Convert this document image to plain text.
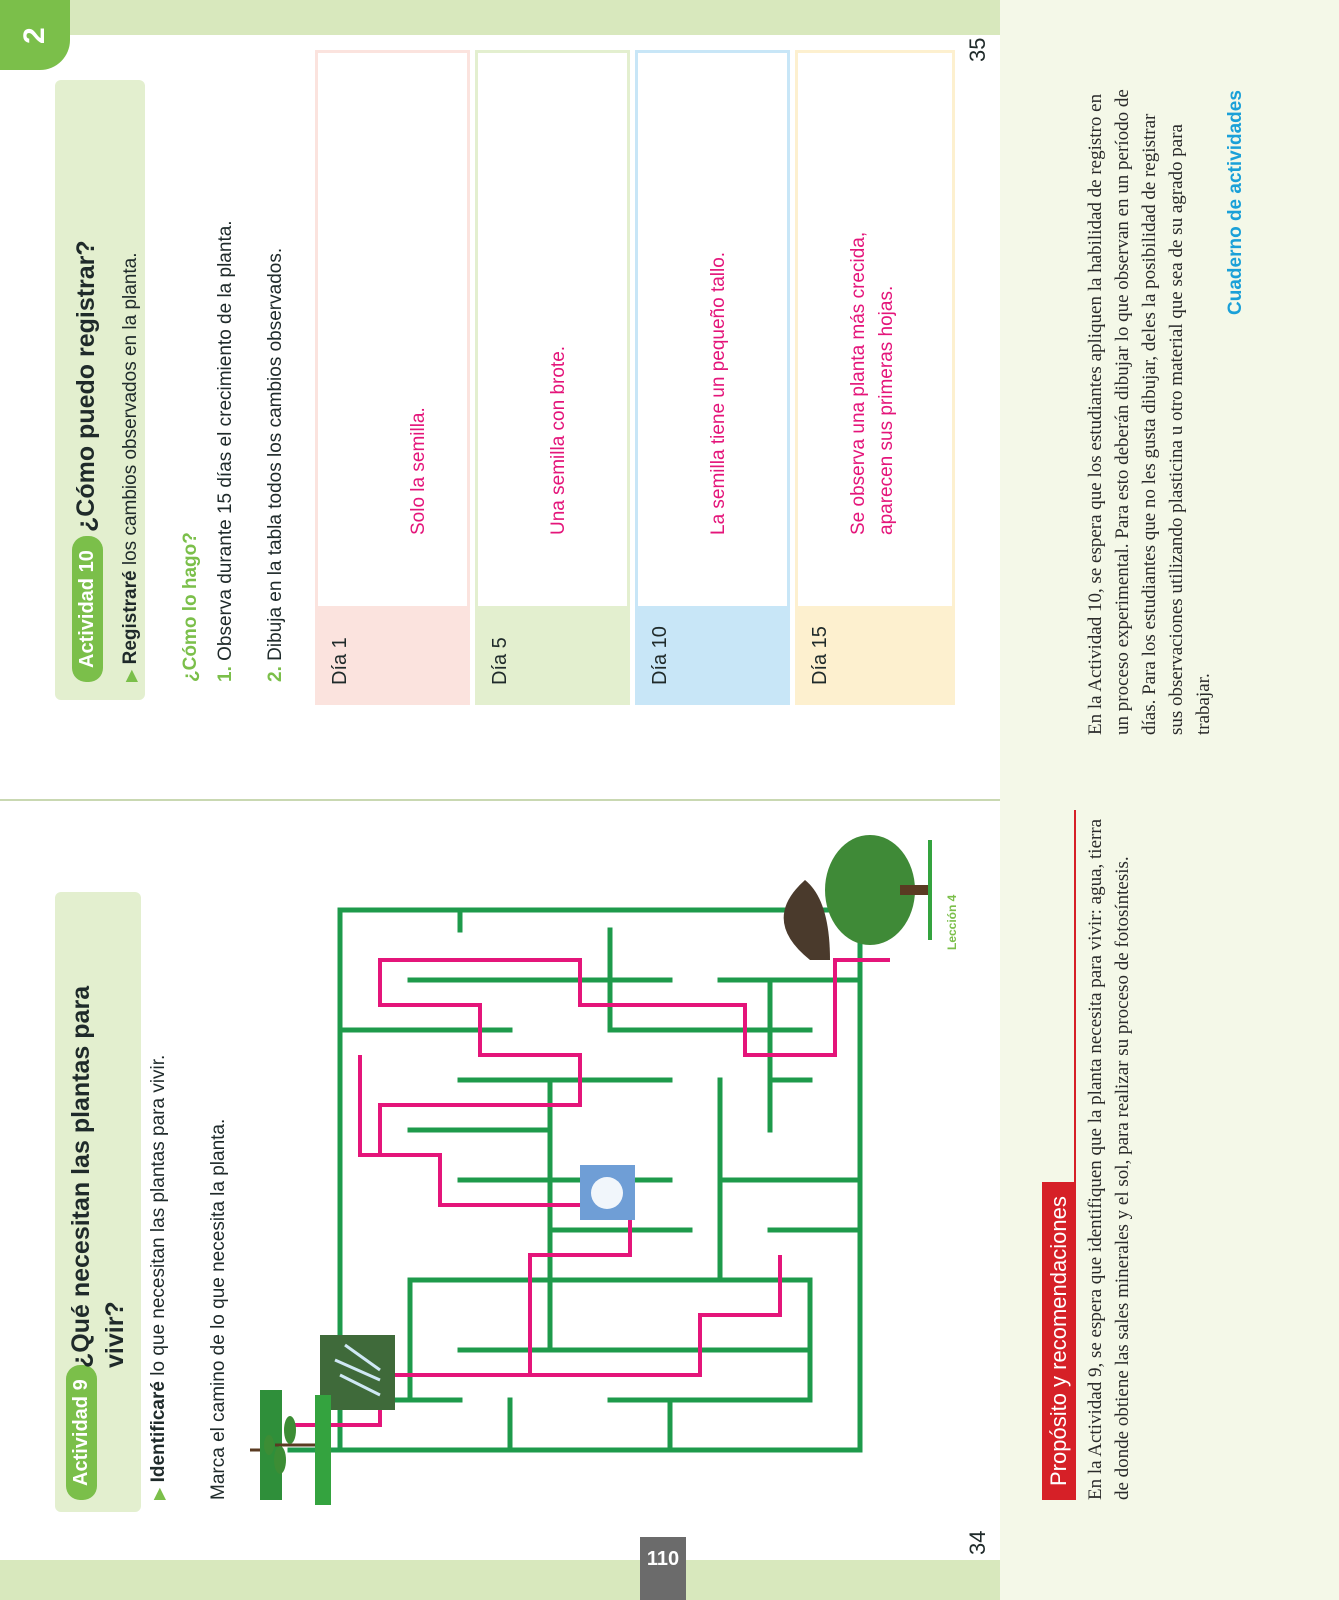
Actividad 9
¿Qué necesitan las plantas para vivir?
▶ Identificaré lo que necesitan las plantas para vivir. Marca el camino de lo que necesita la planta.
Lección 4
34
Actividad 10
¿Cómo puedo registrar?
▶ Registraré los cambios observados en la planta.
¿Cómo lo hago? 1. Observa durante 15 días el crecimiento de la planta.
2. Dibuja en la tabla todos los cambios observados.
Día 1
Solo la semilla.
Día 5
Una semilla con brote.
Día 10
La semilla tiene un pequeño tallo.
Día 15
Se observa una planta más crecida, aparecen sus primeras hojas.
35
2
Propósito y recomendaciones En la Actividad 9, se espera que identifiquen que la planta necesita para vivir: agua, tierra de donde obtiene las sales minerales y el sol, para realizar su proceso de fotosíntesis.
En la Actividad 10, se espera que los estudiantes apliquen la habilidad de registro en un proceso experimental. Para esto deberán dibujar lo que observan en un período de días. Para los estudiantes que no les gusta dibujar, deles la posibilidad de registrar sus observaciones utilizando plasticina u otro material que sea de su agrado para trabajar.
Cuaderno de actividades
110
